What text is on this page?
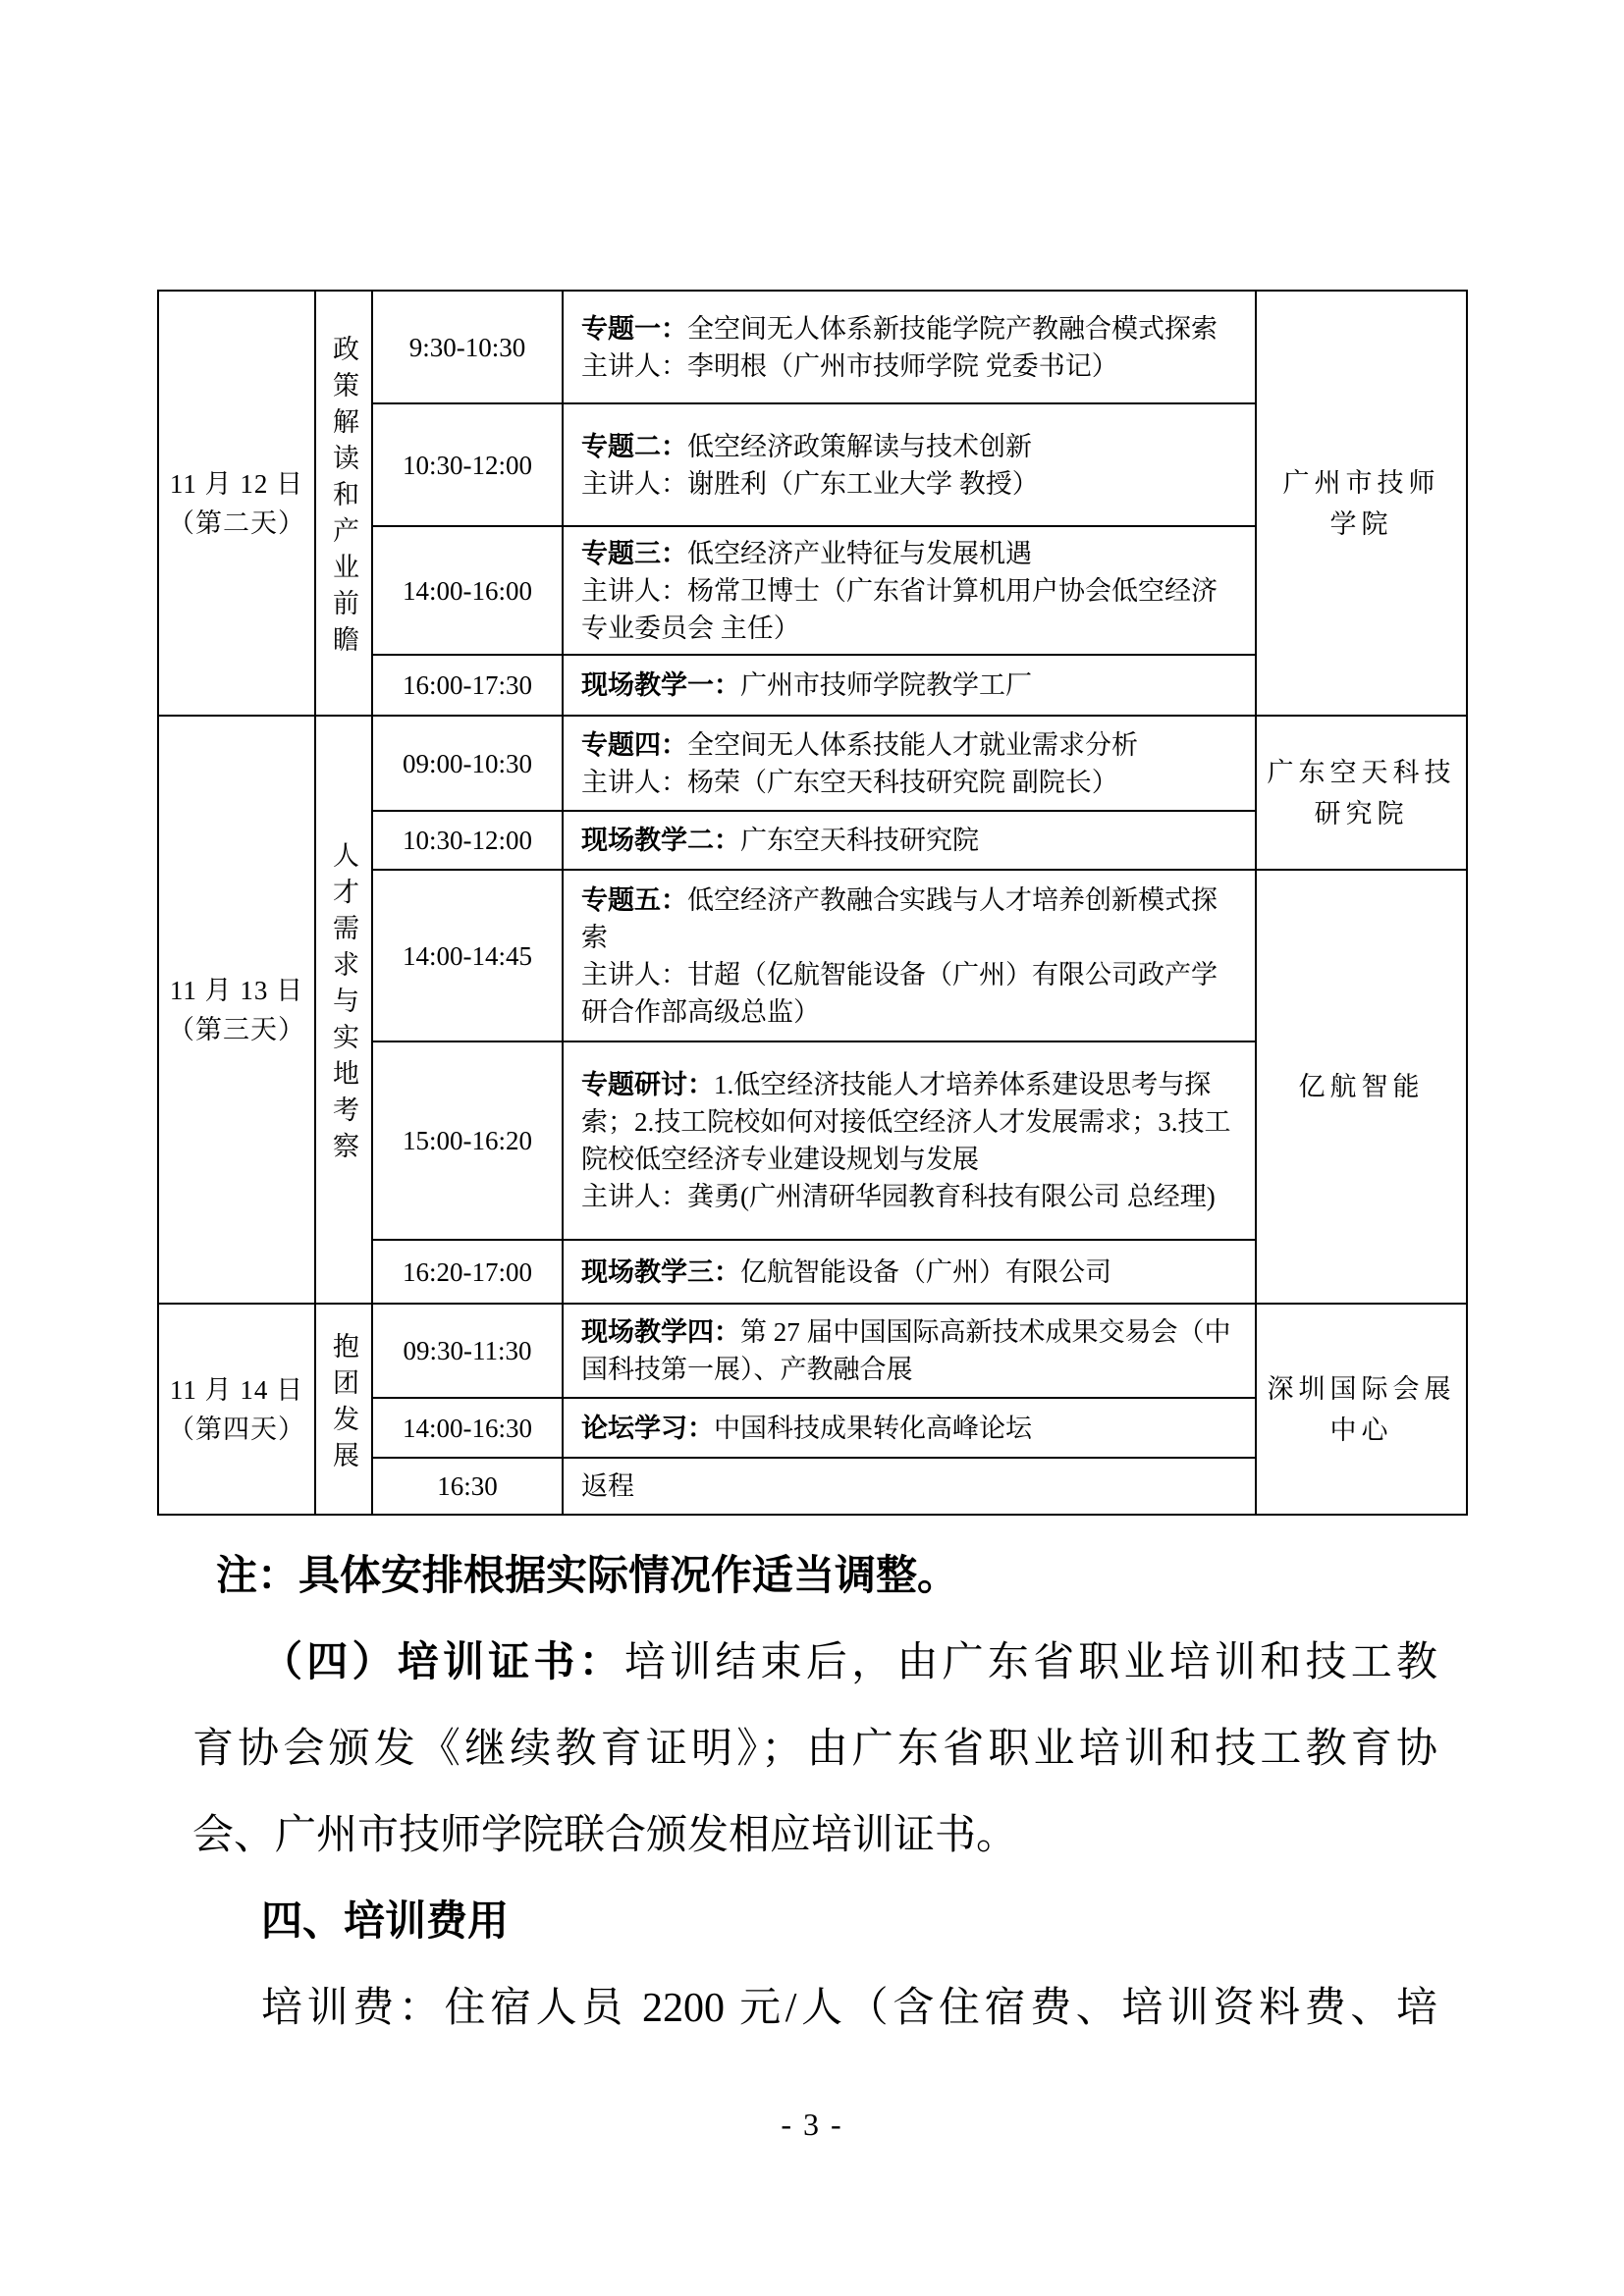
11 月 12 日
（第二天）	政策解读和产业前瞻	9:30-10:30	专题一：全空间无人体系新技能学院产教融合模式探索
主讲人：李明根（广州市技师学院 党委书记）

广州市技师
学院

		10:30-12:00	专题二：低空经济政策解读与技术创新
主讲人：谢胜利（广东工业大学 教授）	

		14:00-16:00	专题三：低空经济产业特征与发展机遇
主讲人：杨常卫博士（广东省计算机用户协会低空经济专业委员会 主任）	

		16:00-17:30	现场教学一：广州市技师学院教学工厂	

11 月 13 日
（第三天）	人才需求与实地考察	09:00-10:30	专题四：全空间无人体系技能人才就业需求分析
主讲人：杨荣（广东空天科技研究院 副院长）	广东空天科技
研究院

		10:30-12:00	现场教学二：广东空天科技研究院	
		14:00-14:45	专题五：低空经济产教融合实践与人才培养创新模式探索
主讲人：甘超（亿航智能设备（广州）有限公司政产学研合作部高级总监）	亿航智能

		15:00-16:20	专题研讨：1.低空经济技能人才培养体系建设思考与探索；2.技工院校如何对接低空经济人才发展需求；3.技工院校低空经济专业建设规划与发展
主讲人：龚勇(广州清研华园教育科技有限公司 总经理)	

		16:20-17:00	现场教学三：亿航智能设备（广州）有限公司	

11 月 14 日
（第四天）	抱团发展	09:30-11:30	现场教学四：第 27 届中国国际高新技术成果交易会（中国科技第一展）、产教融合展	
深圳国际会展
中心

		14:00-16:30	论坛学习：中国科技成果转化高峰论坛	
		16:30	返程	
注：具体安排根据实际情况作适当调整。
（四）培训证书：培训结束后，由广东省职业培训和技工教
育协会颁发《继续教育证明》；由广东省职业培训和技工教育协
会、广州市技师学院联合颁发相应培训证书。
四、培训费用
培训费：住宿人员 2200 元/人（含住宿费、培训资料费、培
- 3 -
